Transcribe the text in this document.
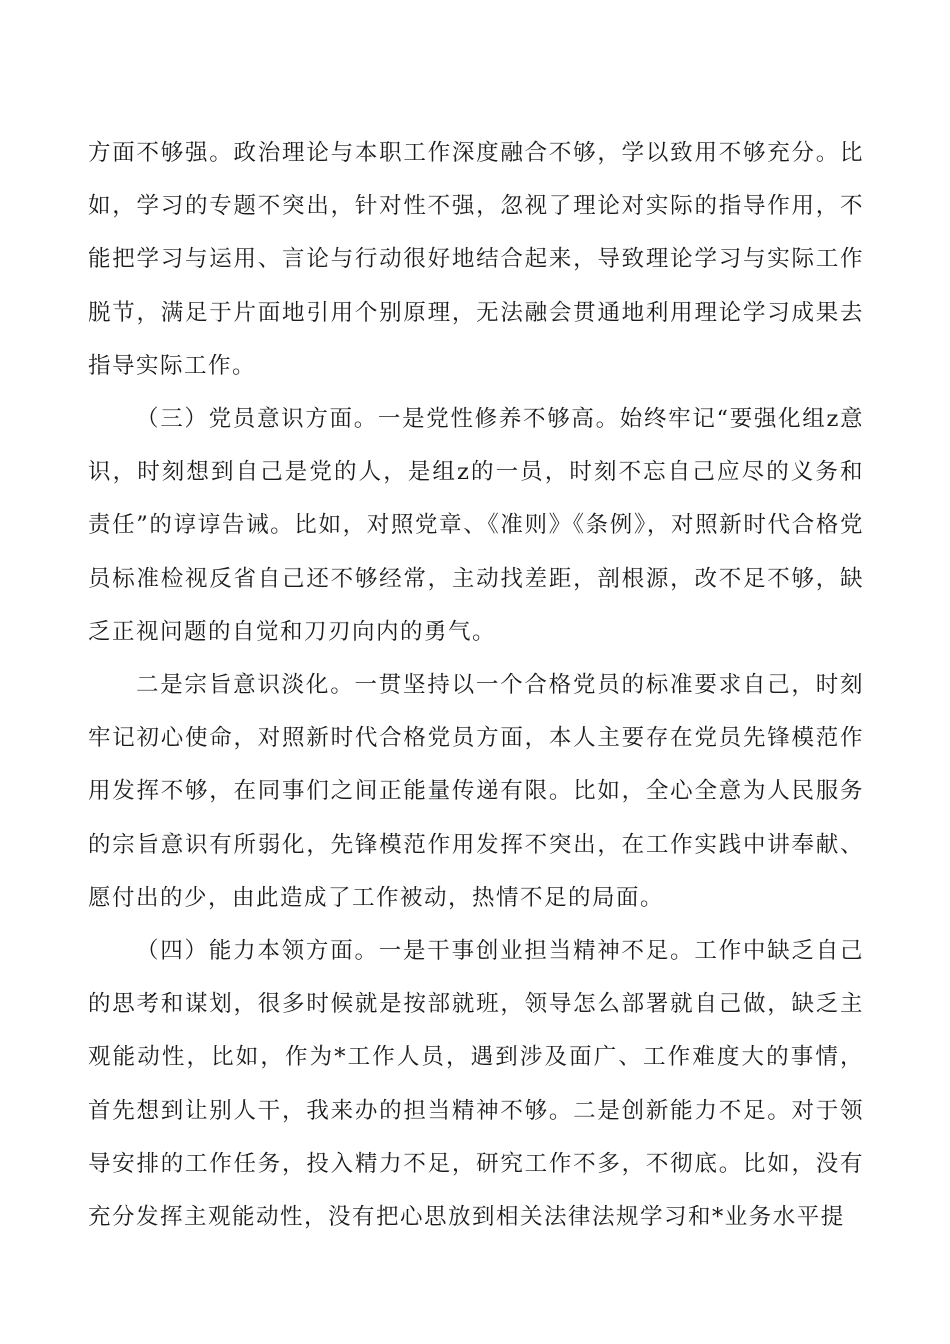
方面不够强。政治理论与本职工作深度融合不够，学以致用不够充分。比如，学习的专题不突出，针对性不强，忽视了理论对实际的指导作用，不能把学习与运用、言论与行动很好地结合起来，导致理论学习与实际工作脱节，满足于片面地引用个别原理，无法融会贯通地利用理论学习成果去指导实际工作。

（三）党员意识方面。一是党性修养不够高。始终牢记“要强化组z意识，时刻想到自己是党的人，是组z的一员，时刻不忘自己应尽的义务和责任”的谆谆告诫。比如，对照党章、《准则》《条例》，对照新时代合格党员标准检视反省自己还不够经常，主动找差距，剖根源，改不足不够，缺乏正视问题的自觉和刀刃向内的勇气。

二是宗旨意识淡化。一贯坚持以一个合格党员的标准要求自己，时刻牢记初心使命，对照新时代合格党员方面，本人主要存在党员先锋模范作用发挥不够，在同事们之间正能量传递有限。比如，全心全意为人民服务的宗旨意识有所弱化，先锋模范作用发挥不突出，在工作实践中讲奉献、愿付出的少，由此造成了工作被动，热情不足的局面。

（四）能力本领方面。一是干事创业担当精神不足。工作中缺乏自己的思考和谋划，很多时候就是按部就班，领导怎么部署就自己做，缺乏主观能动性，比如，作为*工作人员，遇到涉及面广、工作难度大的事情，首先想到让别人干，我来办的担当精神不够。二是创新能力不足。对于领导安排的工作任务，投入精力不足，研究工作不多，不彻底。比如，没有充分发挥主观能动性，没有把心思放到相关法律法规学习和*业务水平提
